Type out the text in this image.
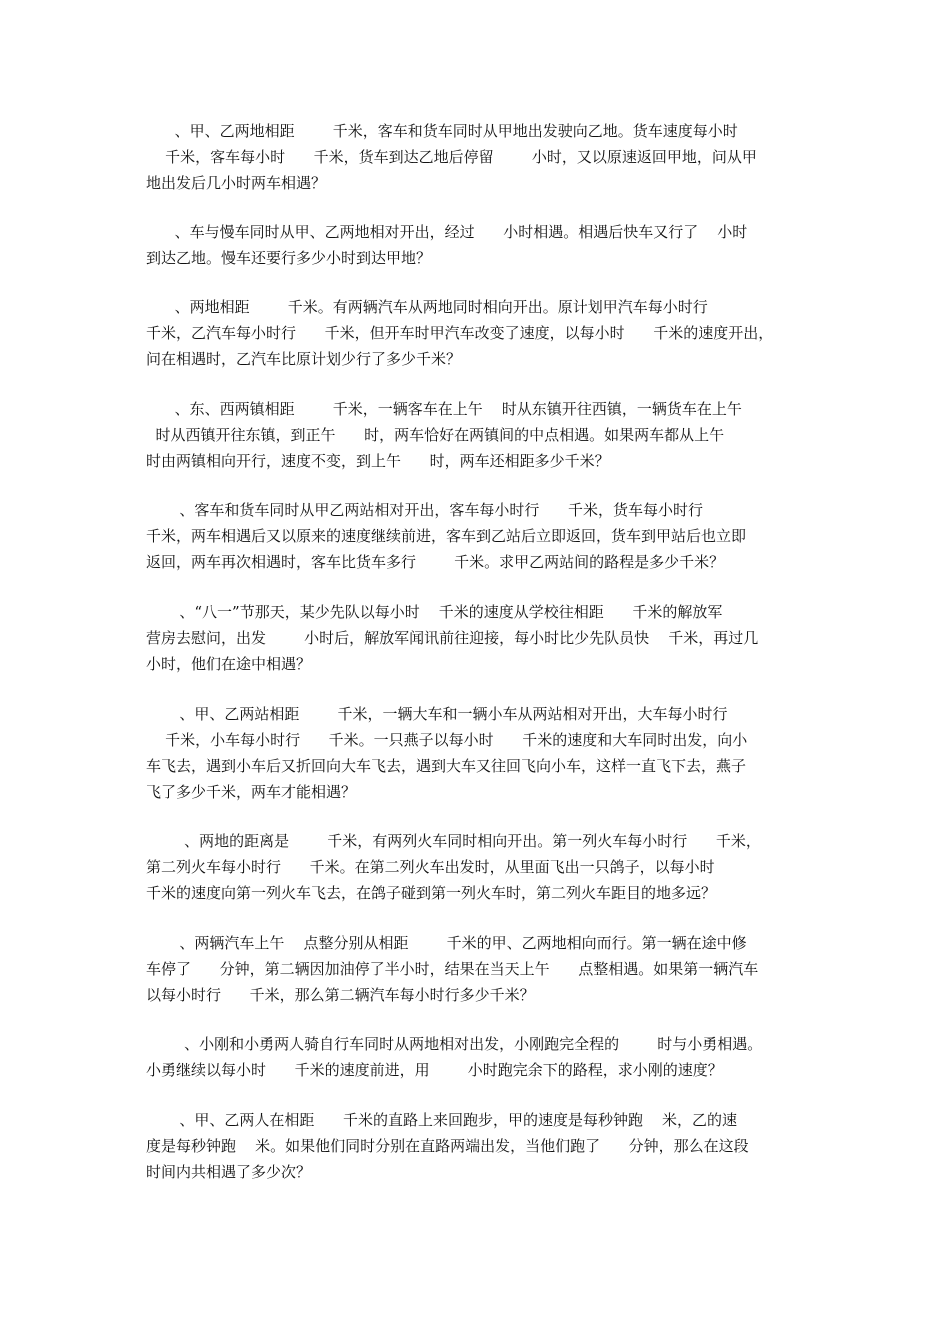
、甲、乙两地相距        千米，客车和货车同时从甲地出发驶向乙地。货车速度每小时
千米，客车每小时      千米，货车到达乙地后停留        小时，又以原速返回甲地，问从甲
地出发后几小时两车相遇？
、车与慢车同时从甲、乙两地相对开出，经过      小时相遇。相遇后快车又行了    小时
到达乙地。慢车还要行多少小时到达甲地？
、两地相距        千米。有两辆汽车从两地同时相向开出。原计划甲汽车每小时行
千米，乙汽车每小时行      千米，但开车时甲汽车改变了速度，以每小时      千米的速度开出，
问在相遇时，乙汽车比原计划少行了多少千米？
、东、西两镇相距        千米，一辆客车在上午    时从东镇开往西镇，一辆货车在上午
时从西镇开往东镇，到正午      时，两车恰好在两镇间的中点相遇。如果两车都从上午
时由两镇相向开行，速度不变，到上午      时，两车还相距多少千米？
、客车和货车同时从甲乙两站相对开出，客车每小时行      千米，货车每小时行
千米，两车相遇后又以原来的速度继续前进，客车到乙站后立即返回，货车到甲站后也立即
返回，两车再次相遇时，客车比货车多行        千米。求甲乙两站间的路程是多少千米？
、“八一”节那天，某少先队以每小时    千米的速度从学校往相距      千米的解放军
营房去慰问，出发        小时后，解放军闻讯前往迎接，每小时比少先队员快    千米，再过几
小时，他们在途中相遇？
、甲、乙两站相距        千米，一辆大车和一辆小车从两站相对开出，大车每小时行
千米，小车每小时行      千米。一只燕子以每小时      千米的速度和大车同时出发，向小
车飞去，遇到小车后又折回向大车飞去，遇到大车又往回飞向小车，这样一直飞下去，燕子
飞了多少千米，两车才能相遇？
、两地的距离是        千米，有两列火车同时相向开出。第一列火车每小时行      千米，
第二列火车每小时行      千米。在第二列火车出发时，从里面飞出一只鸽子，以每小时
千米的速度向第一列火车飞去，在鸽子碰到第一列火车时，第二列火车距目的地多远？
、两辆汽车上午    点整分别从相距        千米的甲、乙两地相向而行。第一辆在途中修
车停了      分钟，第二辆因加油停了半小时，结果在当天上午      点整相遇。如果第一辆汽车
以每小时行      千米，那么第二辆汽车每小时行多少千米？
、小刚和小勇两人骑自行车同时从两地相对出发，小刚跑完全程的        时与小勇相遇。
小勇继续以每小时      千米的速度前进，用        小时跑完余下的路程，求小刚的速度？
、甲、乙两人在相距      千米的直路上来回跑步，甲的速度是每秒钟跑    米，乙的速
度是每秒钟跑    米。如果他们同时分别在直路两端出发，当他们跑了      分钟，那么在这段
时间内共相遇了多少次？
